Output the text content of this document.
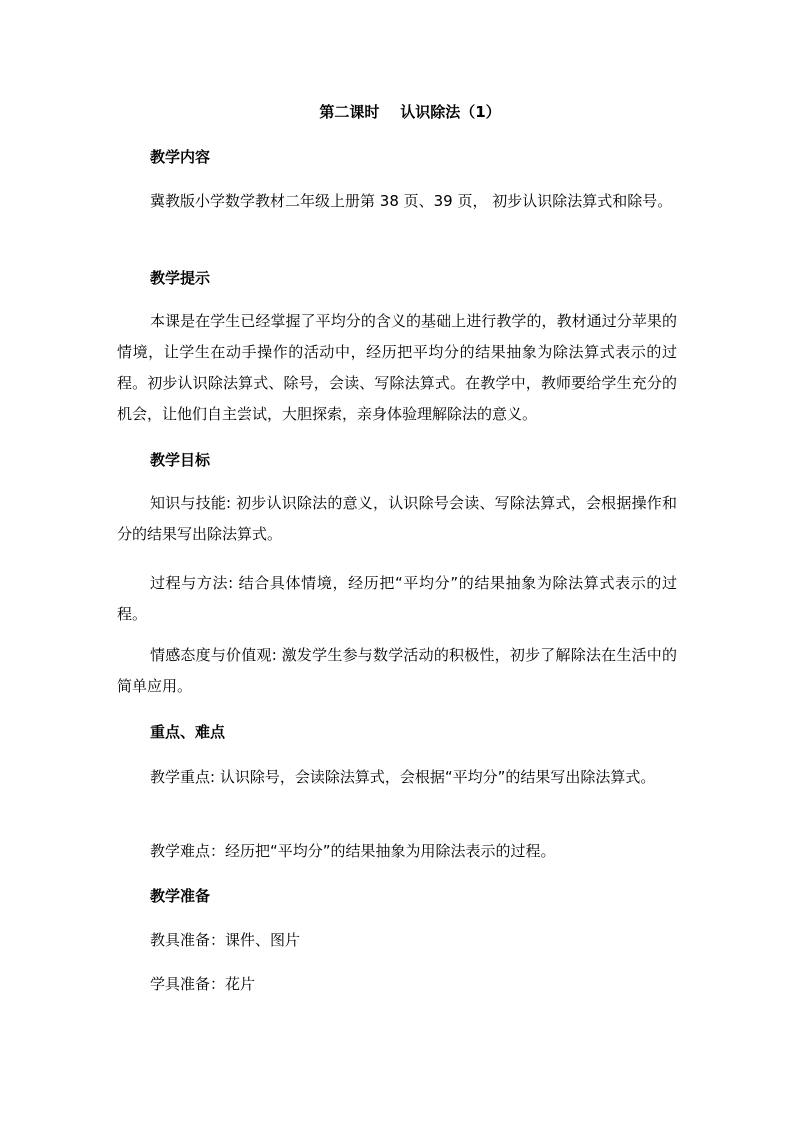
第二课时    认识除法（1）
教学内容
冀教版小学数学教材二年级上册第 38 页、39 页， 初步认识除法算式和除号。
教学提示
本课是在学生已经掌握了平均分的含义的基础上进行教学的，教材通过分苹果的情境，让学生在动手操作的活动中，经历把平均分的结果抽象为除法算式表示的过程。初步认识除法算式、除号，会读、写除法算式。在教学中，教师要给学生充分的机会，让他们自主尝试，大胆探索，亲身体验理解除法的意义。
教学目标
知识与技能: 初步认识除法的意义，认识除号会读、写除法算式，会根据操作和分的结果写出除法算式。
过程与方法: 结合具体情境，经历把“平均分”的结果抽象为除法算式表示的过程。
情感态度与价值观: 激发学生参与数学活动的积极性，初步了解除法在生活中的简单应用。
重点、难点
教学重点: 认识除号，会读除法算式，会根据“平均分”的结果写出除法算式。
教学难点：经历把“平均分”的结果抽象为用除法表示的过程。
教学准备
教具准备：课件、图片
学具准备：花片
